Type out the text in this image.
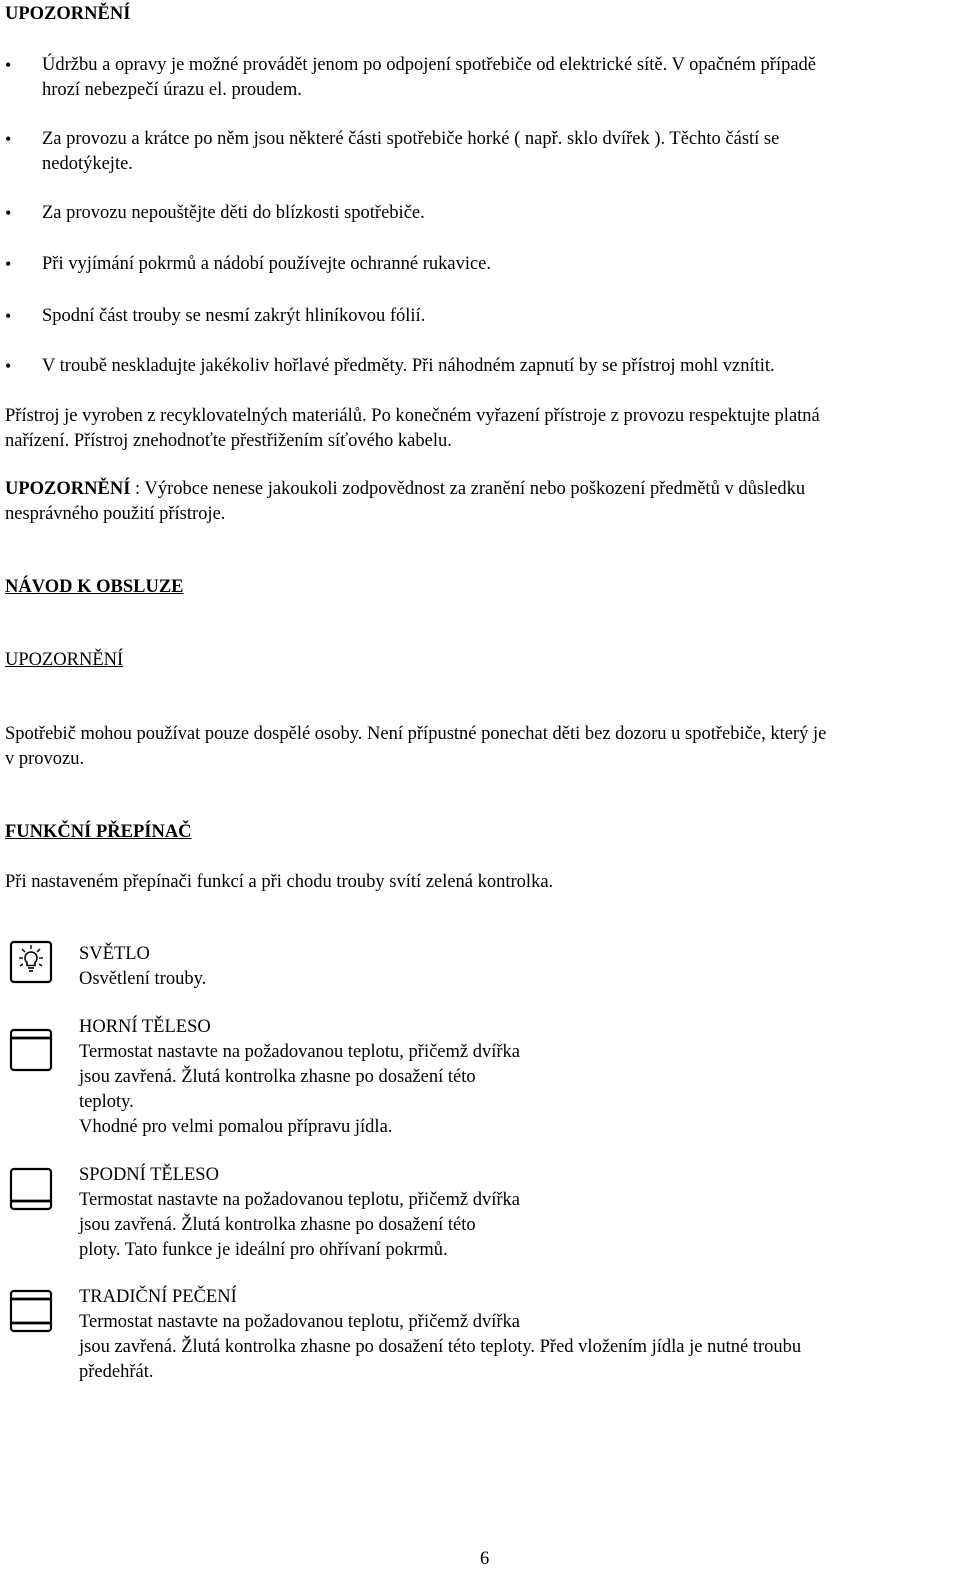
UPOZORNĚNÍ
• Údržbu a opravy je možné provádět jenom po odpojení spotřebiče od elektrické sítě. V opačném případě
hrozí nebezpečí úrazu el. proudem.
• Za provozu a krátce po něm jsou některé části spotřebiče horké ( např. sklo dvířek ). Těchto částí se
nedotýkejte.
• Za provozu nepouštějte děti do blízkosti spotřebiče.
• Při vyjímání pokrmů a nádobí používejte ochranné rukavice.
• Spodní část trouby se nesmí zakrýt hliníkovou fólií.
• V troubě neskladujte jakékoliv hořlavé předměty. Při náhodném zapnutí by se přístroj mohl vznítit.
Přístroj je vyroben z recyklovatelných materiálů. Po konečném vyřazení přístroje z provozu respektujte platná
nařízení. Přístroj znehodnoťte přestřižením síťového kabelu.
UPOZORNĚNÍ : Výrobce nenese jakoukoli zodpovědnost za zranění nebo poškození předmětů v důsledku
nesprávného použití přístroje.
NÁVOD K OBSLUZE
UPOZORNĚNÍ
Spotřebič mohou používat pouze dospělé osoby. Není přípustné ponechat děti bez dozoru u spotřebiče, který je
v provozu.
FUNKČNÍ PŘEPÍNAČ
Při nastaveném přepínači funkcí a při chodu trouby svítí zelená kontrolka.
SVĚTLO
Osvětlení trouby.
HORNÍ TĚLESO
Termostat nastavte na požadovanou teplotu, přičemž dvířka
jsou zavřená. Žlutá kontrolka zhasne po dosažení této
teploty.
Vhodné pro velmi pomalou přípravu jídla.
SPODNÍ TĚLESO
Termostat nastavte na požadovanou teplotu, přičemž dvířka
jsou zavřená. Žlutá kontrolka zhasne po dosažení této
ploty. Tato funkce je ideální pro ohřívaní pokrmů.
TRADIČNÍ PEČENÍ
Termostat nastavte na požadovanou teplotu, přičemž dvířka
jsou zavřená. Žlutá kontrolka zhasne po dosažení této teploty. Před vložením jídla je nutné troubu
předehřát.
6
